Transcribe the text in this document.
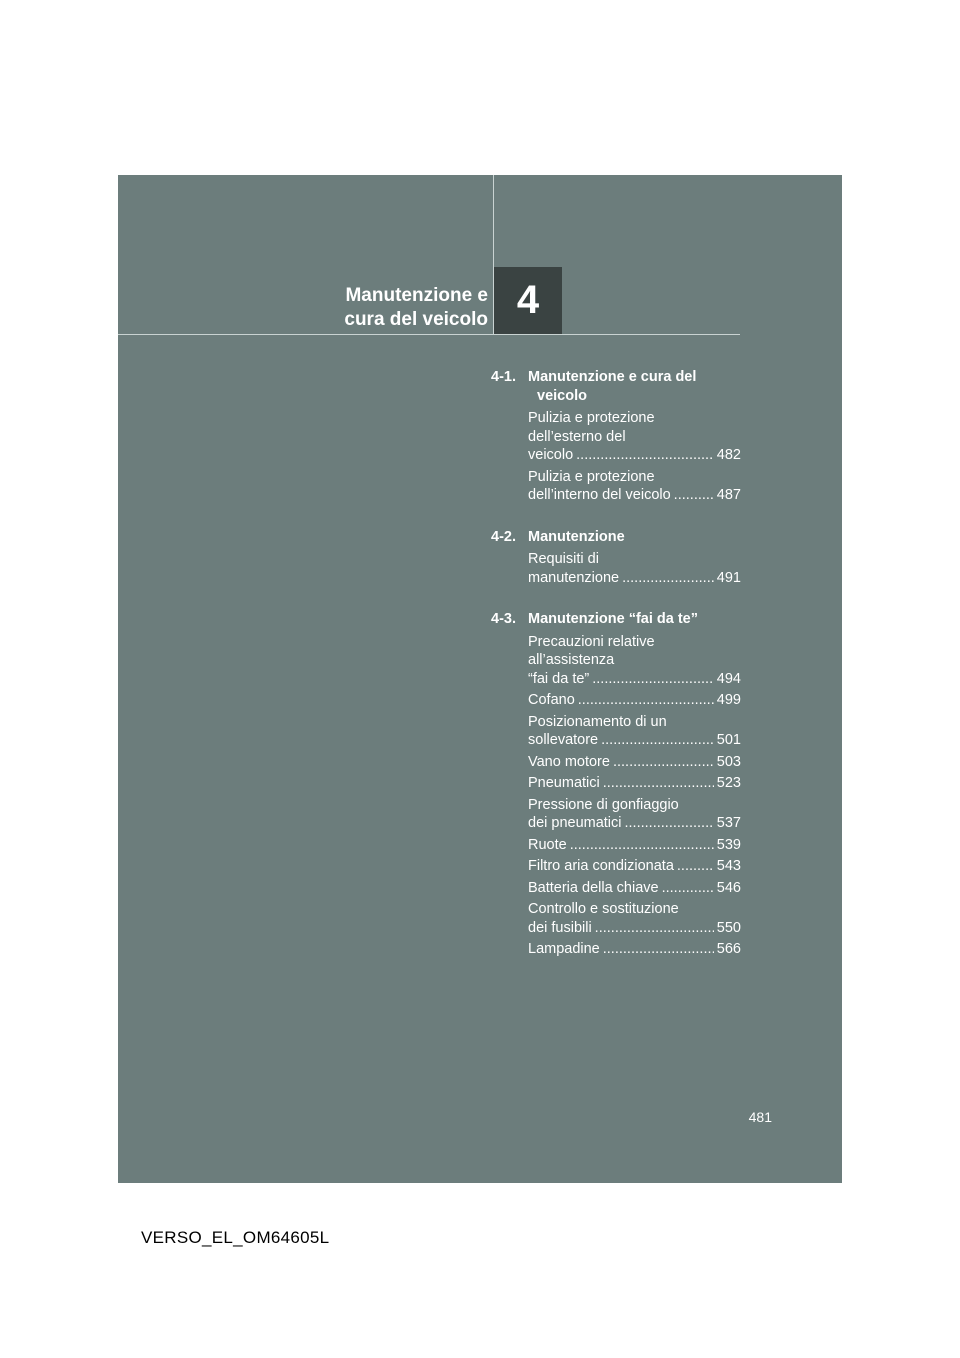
Manutenzione e
cura del veicolo 4
4-1. Manutenzione e cura del veicolo
Pulizia e protezione
dell’esterno del
veicolo .....	482
Pulizia e protezione
dell’interno del veicolo .....	487
4-2. Manutenzione
Requisiti di
manutenzione .....	491
4-3. Manutenzione “fai da te”
Precauzioni relative
all’assistenza
“fai da te” .....	494
Cofano .....	499
Posizionamento di un
sollevatore .....	501
Vano motore .....	503
Pneumatici .....	523
Pressione di gonfiaggio
dei pneumatici .....	537
Ruote .....	539
Filtro aria condizionata .....	543
Batteria della chiave .....	546
Controllo e sostituzione
dei fusibili .....	550
Lampadine .....	566
481
VERSO_EL_OM64605L
